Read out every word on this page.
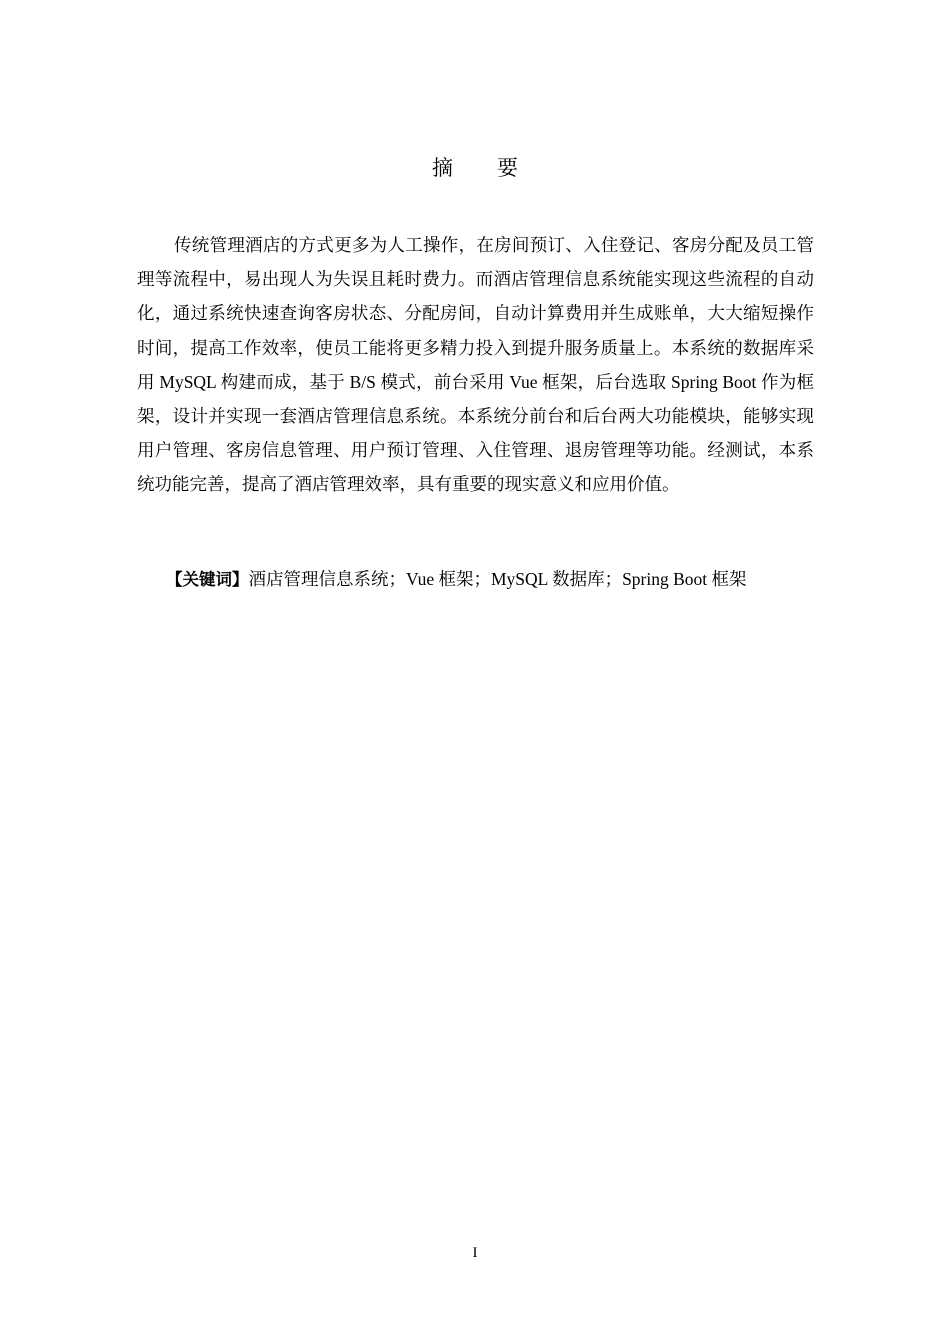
摘 要

传统管理酒店的方式更多为人工操作，在房间预订、入住登记、客房分配及员工管理等流程中，易出现人为失误且耗时费力。而酒店管理信息系统能实现这些流程的自动化，通过系统快速查询客房状态、分配房间，自动计算费用并生成账单，大大缩短操作时间，提高工作效率，使员工能将更多精力投入到提升服务质量上。本系统的数据库采用 MySQL 构建而成，基于 B/S 模式，前台采用 Vue 框架，后台选取 Spring Boot 作为框架，设计并实现一套酒店管理信息系统。本系统分前台和后台两大功能模块，能够实现用户管理、客房信息管理、用户预订管理、入住管理、退房管理等功能。经测试，本系统功能完善，提高了酒店管理效率，具有重要的现实意义和应用价值。

【关键词】酒店管理信息系统；Vue 框架；MySQL 数据库；Spring Boot 框架

I
